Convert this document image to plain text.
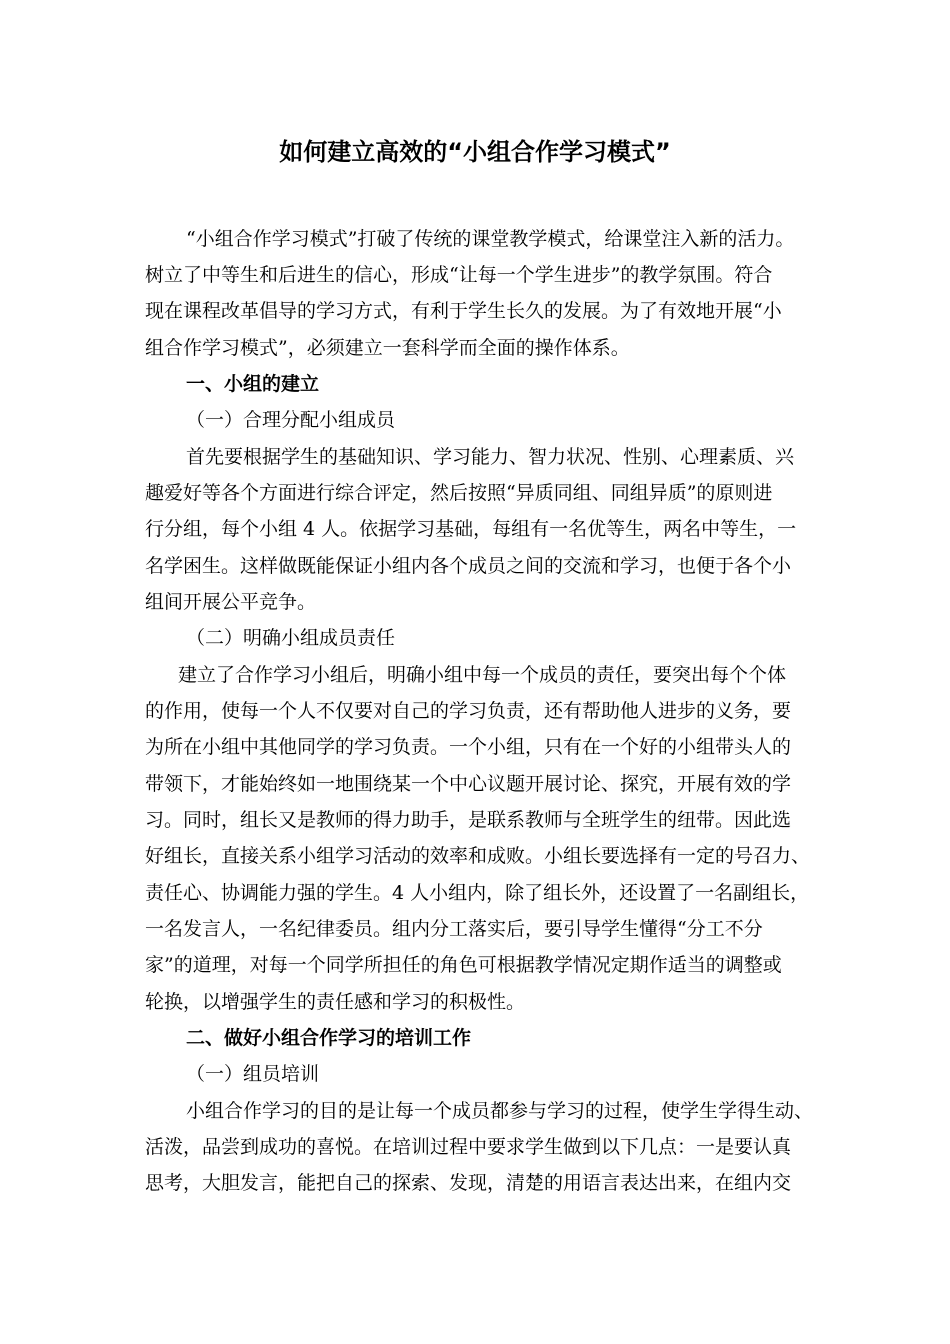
如何建立高效的“小组合作学习模式”
“小组合作学习模式”打破了传统的课堂教学模式，给课堂注入新的活力。
树立了中等生和后进生的信心，形成“让每一个学生进步”的教学氛围。符合
现在课程改革倡导的学习方式，有利于学生长久的发展。为了有效地开展“小
组合作学习模式”，必须建立一套科学而全面的操作体系。
一、小组的建立
（一）合理分配小组成员
首先要根据学生的基础知识、学习能力、智力状况、性别、心理素质、兴
趣爱好等各个方面进行综合评定，然后按照“异质同组、同组异质”的原则进
行分组，每个小组 4 人。依据学习基础，每组有一名优等生，两名中等生，一
名学困生。这样做既能保证小组内各个成员之间的交流和学习，也便于各个小
组间开展公平竞争。
（二）明确小组成员责任
建立了合作学习小组后，明确小组中每一个成员的责任，要突出每个个体
的作用，使每一个人不仅要对自己的学习负责，还有帮助他人进步的义务，要
为所在小组中其他同学的学习负责。一个小组，只有在一个好的小组带头人的
带领下，才能始终如一地围绕某一个中心议题开展讨论、探究，开展有效的学
习。同时，组长又是教师的得力助手，是联系教师与全班学生的纽带。因此选
好组长，直接关系小组学习活动的效率和成败。小组长要选择有一定的号召力、
责任心、协调能力强的学生。4 人小组内，除了组长外，还设置了一名副组长，
一名发言人，一名纪律委员。组内分工落实后，要引导学生懂得“分工不分
家”的道理，对每一个同学所担任的角色可根据教学情况定期作适当的调整或
轮换，以增强学生的责任感和学习的积极性。
二、做好小组合作学习的培训工作
（一）组员培训
小组合作学习的目的是让每一个成员都参与学习的过程，使学生学得生动、
活泼，品尝到成功的喜悦。在培训过程中要求学生做到以下几点：一是要认真
思考，大胆发言，能把自己的探索、发现，清楚的用语言表达出来，在组内交
